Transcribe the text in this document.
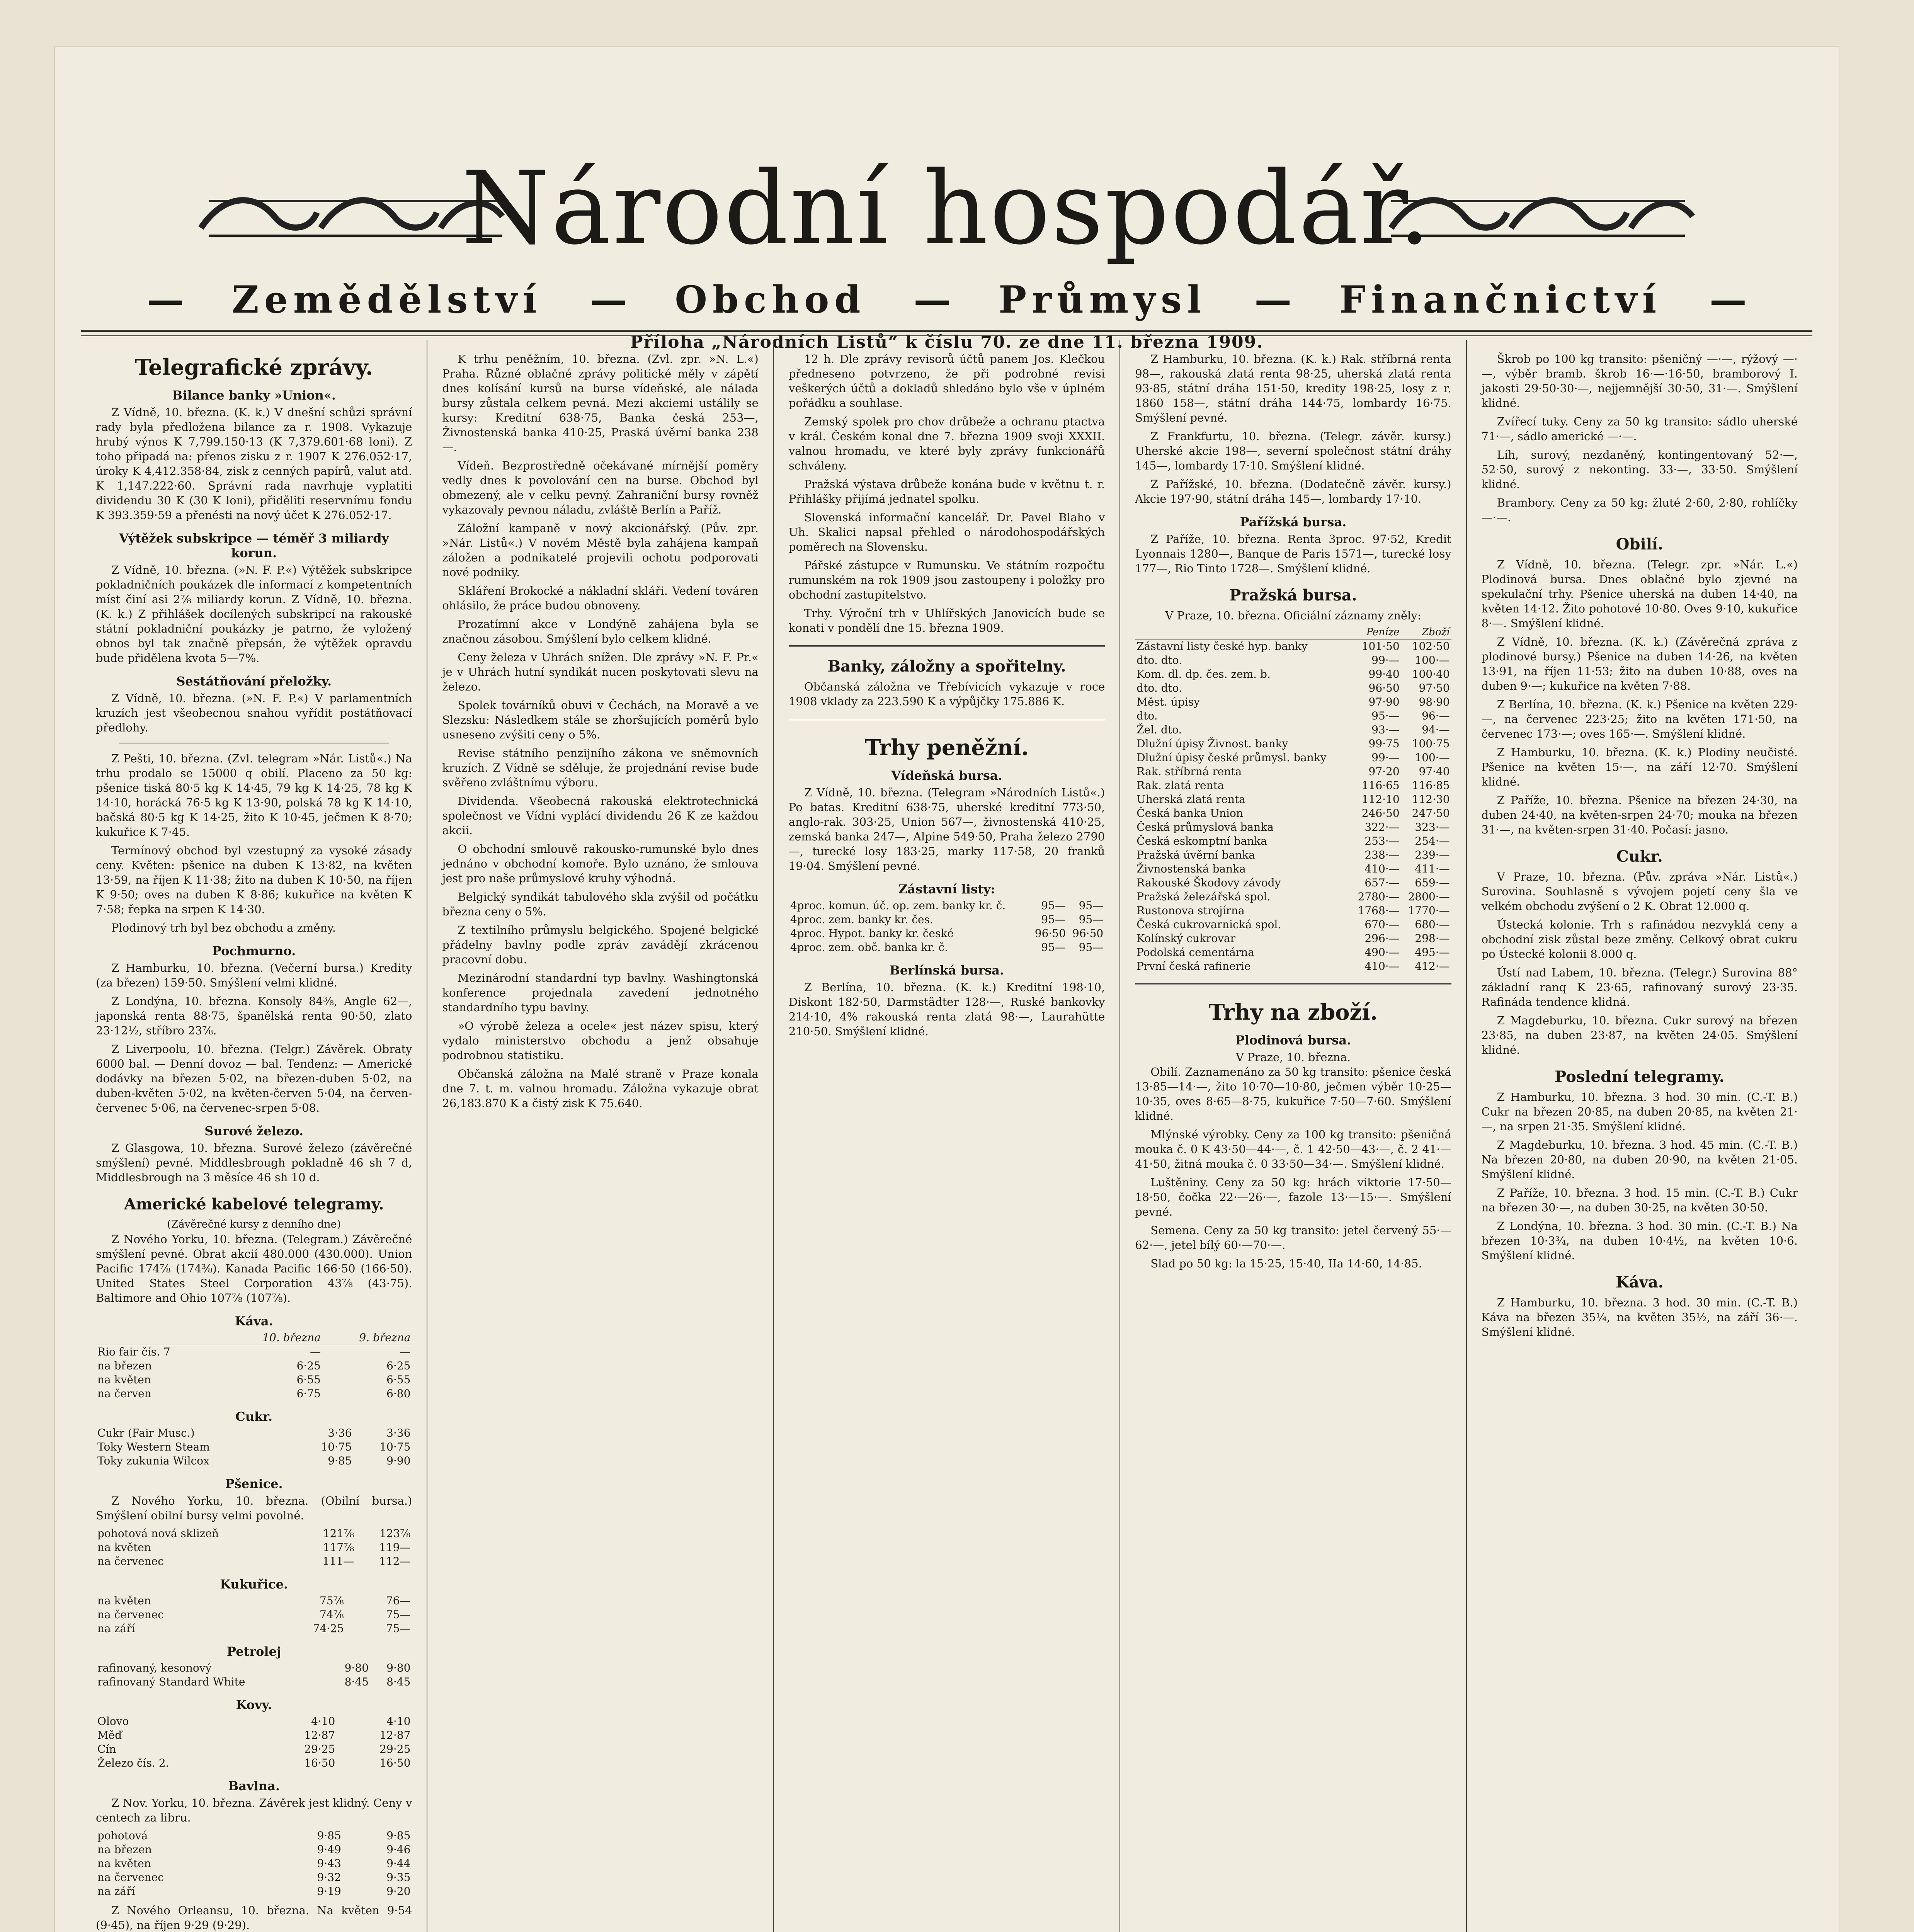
Národní hospodář.
— Zemědělství — Obchod — Průmysl — Finančnictví —
Příloha „Národních Listů“ k číslu 70. ze dne 11. března 1909.
Telegrafické zprávy.
Bilance banky »Union«.

Z Vídně, 10. března. (K. k.) V dnešní schůzi správní rady byla předložena bilance za r. 1908. Vykazuje hrubý výnos K 7,799.150·13 (K 7,379.601·68 loni). Z toho připadá na: přenos zisku z r. 1907 K 276.052·17, úroky K 4,412.358·84, zisk z cenných papírů, valut atd. K 1,147.222·60. Správní rada navrhuje vyplatiti dividendu 30 K (30 K loni), přiděliti reservnímu fondu K 393.359·59 a přenésti na nový účet K 276.052·17.

Výtěžek subskripce — téměř 3 miliardy korun.

Z Vídně, 10. března. (»N. F. P.«) Výtěžek subskripce pokladničních poukázek dle informací z kompetentních míst činí asi 2⅞ miliardy korun. Z Vídně, 10. března. (K. k.) Z přihlášek docílených subskripcí na rakouské státní pokladniční poukázky je patrno, že vyložený obnos byl tak značně přepsán, že výtěžek opravdu bude přidělena kvota 5—7%.

Sestátňování přeložky.

Z Vídně, 10. března. (»N. F. P.«) V parlamentních kruzích jest všeobecnou snahou vyřídit postátňovací předlohy.

Z Pešti, 10. března. (Zvl. telegram »Nár. Listů«.) Na trhu prodalo se 15000 q obilí. Placeno za 50 kg: pšenice tiská 80·5 kg K 14·45, 79 kg K 14·25, 78 kg K 14·10, horácká 76·5 kg K 13·90, polská 78 kg K 14·10, bačská 80·5 kg K 14·25, žito K 10·45, ječmen K 8·70; kukuřice K 7·45.

Termínový obchod byl vzestupný za vysoké zásady ceny. Květen: pšenice na duben K 13·82, na květen 13·59, na říjen K 11·38; žito na duben K 10·50, na říjen K 9·50; oves na duben K 8·86; kukuřice na květen K 7·58; řepka na srpen K 14·30.

Plodinový trh byl bez obchodu a změny.

Pochmurno.

Z Hamburku, 10. března. (Večerní bursa.) Kredity (za březen) 159·50. Smýšlení velmi klidné.

Z Londýna, 10. března. Konsoly 84⅜, Angle 62—, japonská renta 88·75, španělská renta 90·50, zlato 23·12½, stříbro 23⅞.

Z Liverpoolu, 10. března. (Telgr.) Závěrek. Obraty 6000 bal. — Denní dovoz — bal. Tendenz: — Americké dodávky na březen 5·02, na březen-duben 5·02, na duben-květen 5·02, na květen-červen 5·04, na červen-červenec 5·06, na červenec-srpen 5·08.

Surové železo.

Z Glasgowa, 10. března. Surové železo (závěrečné smýšlení) pevné. Middlesbrough pokladně 46 sh 7 d, Middlesbrough na 3 měsíce 46 sh 10 d.

Americké kabelové telegramy.
(Závěrečné kursy z denního dne)

Z Nového Yorku, 10. března. (Telegram.) Závěrečné smýšlení pevné. Obrat akcií 480.000 (430.000). Union Pacific 174⅞ (174⅜). Kanada Pacific 166·50 (166·50). United States Steel Corporation 43⅞ (43·75). Baltimore and Ohio 107⅞ (107⅞).

Káva.
	10. března	9. března
Rio fair čís. 7	—	—
na březen	6·25	6·25
na květen	6·55	6·55
na červen	6·75	6·80
Cukr.
Cukr (Fair Musc.)	3·36	3·36
Toky Western Steam	10·75	10·75
Toky zukunia Wilcox	9·85	9·90
Pšenice.

Z Nového Yorku, 10. března. (Obilní bursa.) Smýšlení obilní bursy velmi povolné.

pohotová nová sklizeň	121⅞	123⅞
na květen	117⅞	119—
na červenec	111—	112—
Kukuřice.
na květen	75⅞	76—
na červenec	74⅞	75—
na září	74·25	75—
Petrolej
rafinovaný, kesonový	9·80	9·80
rafinovaný Standard White	8·45	8·45
Kovy.
Olovo	4·10	4·10
Měď	12·87	12·87
Cín	29·25	29·25
Železo čís. 2.	16·50	16·50
Bavlna.

Z Nov. Yorku, 10. března. Závěrek jest klidný. Ceny v centech za libru.

pohotová	9·85	9·85
na březen	9·49	9·46
na květen	9·43	9·44
na červenec	9·32	9·35
na září	9·19	9·20

Z Nového Orleansu, 10. března. Na květen 9·54 (9·45), na říjen 9·29 (9·29).

K trhu peněžním, 10. března. (Zvl. zpr. »N. L.«) Praha. Různé oblačné zprávy politické měly v zápětí dnes kolísání kursů na burse vídeňské, ale nálada bursy zůstala celkem pevná. Mezi akciemi ustálily se kursy: Kreditní 638·75, Banka česká 253—, Živnostenská banka 410·25, Praská úvěrní banka 238—.

Vídeň. Bezprostředně očekávané mírnější poměry vedly dnes k povolování cen na burse. Obchod byl obmezený, ale v celku pevný. Zahraniční bursy rovněž vykazovaly pevnou náladu, zvláště Berlín a Paříž.

Záložní kampaně v nový akcionářský. (Pův. zpr. »Nár. Listů«.) V novém Městě byla zahájena kampaň záložen a podnikatelé projevili ochotu podporovati nové podniky.

Skláření Brokocké a nákladní skláři. Vedení továren ohlásilo, že práce budou obnoveny.

Prozatímní akce v Londýně zahájena byla se značnou zásobou. Smýšlení bylo celkem klidné.

Ceny železa v Uhrách snížen. Dle zprávy »N. F. Pr.« je v Uhrách hutní syndikát nucen poskytovati slevu na železo.

Spolek továrníků obuvi v Čechách, na Moravě a ve Slezsku: Následkem stále se zhoršujících poměrů bylo usneseno zvýšiti ceny o 5%.

Revise státního penzijního zákona ve sněmovních kruzích. Z Vídně se sděluje, že projednání revise bude svěřeno zvláštnímu výboru.

Dividenda. Všeobecná rakouská elektrotechnická společnost ve Vídni vyplácí dividendu 26 K ze každou akcii.

O obchodní smlouvě rakousko-rumunské bylo dnes jednáno v obchodní komoře. Bylo uznáno, že smlouva jest pro naše průmyslové kruhy výhodná.

Belgický syndikát tabulového skla zvýšil od počátku března ceny o 5%.

Z textilního průmyslu belgického. Spojené belgické přádelny bavlny podle zpráv zavádějí zkrácenou pracovní dobu.

Mezinárodní standardní typ bavlny. Washingtonská konference projednala zavedení jednotného standardního typu bavlny.

»O výrobě železa a ocele« jest název spisu, který vydalo ministerstvo obchodu a jenž obsahuje podrobnou statistiku.

Občanská záložna na Malé straně v Praze konala dne 7. t. m. valnou hromadu. Záložna vykazuje obrat 26,183.870 K a čistý zisk K 75.640.

12 h. Dle zprávy revisorů účtů panem Jos. Klečkou předneseno potvrzeno, že při podrobné revisi veškerých účtů a dokladů shledáno bylo vše v úplném pořádku a souhlase.

Zemský spolek pro chov drůbeže a ochranu ptactva v král. Českém konal dne 7. března 1909 svoji XXXII. valnou hromadu, ve které byly zprávy funkcionářů schváleny.

Pražská výstava drůbeže konána bude v květnu t. r. Přihlášky přijímá jednatel spolku.

Slovenská informační kancelář. Dr. Pavel Blaho v Uh. Skalici napsal přehled o národohospodářských poměrech na Slovensku.

Pářské zástupce v Rumunsku. Ve státním rozpočtu rumunském na rok 1909 jsou zastoupeny i položky pro obchodní zastupitelstvo.

Trhy. Výroční trh v Uhlířských Janovicích bude se konati v pondělí dne 15. března 1909.

Banky, záložny a spořitelny.

Občanská záložna ve Třebívicích vykazuje v roce 1908 vklady za 223.590 K a výpůjčky 175.886 K.

Trhy peněžní.
Vídeňská bursa.

Z Vídně, 10. března. (Telegram »Národních Listů«.) Po batas. Kreditní 638·75, uherské kreditní 773·50, anglo-rak. 303·25, Union 567—, živnostenská 410·25, zemská banka 247—, Alpine 549·50, Praha železo 2790—, turecké losy 183·25, marky 117·58, 20 franků 19·04. Smýšlení pevné.

Zástavní listy:
4proc. komun. úč. op. zem. banky kr. č.	95—	95—
4proc. zem. banky kr. čes.	95—	95—
4proc. Hypot. banky kr. české	96·50	96·50
4proc. zem. obč. banka kr. č.	95—	95—
Berlínská bursa.

Z Berlína, 10. března. (K. k.) Kreditní 198·10, Diskont 182·50, Darmstädter 128·—, Ruské bankovky 214·10, 4% rakouská renta zlatá 98·—, Laurahütte 210·50. Smýšlení klidné.

Z Hamburku, 10. března. (K. k.) Rak. stříbrná renta 98—, rakouská zlatá renta 98·25, uherská zlatá renta 93·85, státní dráha 151·50, kredity 198·25, losy z r. 1860 158—, státní dráha 144·75, lombardy 16·75. Smýšlení pevné.

Z Frankfurtu, 10. března. (Telegr. závěr. kursy.) Uherské akcie 198—, severní společnost státní dráhy 145—, lombardy 17·10. Smýšlení klidné.

Z Pařížské, 10. března. (Dodatečně závěr. kursy.) Akcie 197·90, státní dráha 145—, lombardy 17·10.

Pařížská bursa.

Z Paříže, 10. března. Renta 3proc. 97·52, Kredit Lyonnais 1280—, Banque de Paris 1571—, turecké losy 177—, Rio Tinto 1728—. Smýšlení klidné.

Pražská bursa.
V Praze, 10. března. Oficiální záznamy zněly:
	Peníze	Zboží
Zástavní listy české hyp. banky	101·50	102·50
dto. dto.	99·—	100·—
Kom. dl. dp. čes. zem. b.	99·40	100·40
dto. dto.	96·50	97·50
Měst. úpisy	97·90	98·90
dto.	95·—	96·—
Žel. dto.	93·—	94·—
Dlužní úpisy Živnost. banky	99·75	100·75
Dlužní úpisy české průmysl. banky	99·—	100·—
Rak. stříbrná renta	97·20	97·40
Rak. zlatá renta	116·65	116·85
Uherská zlatá renta	112·10	112·30
Česká banka Union	246·50	247·50
Česká průmyslová banka	322·—	323·—
Česká eskomptní banka	253·—	254·—
Pražská úvěrní banka	238·—	239·—
Živnostenská banka	410·—	411·—
Rakouské Škodovy závody	657·—	659·—
Pražská železářská spol.	2780·—	2800·—
Rustonova strojírna	1768·—	1770·—
Česká cukrovarnická spol.	670·—	680·—
Kolínský cukrovar	296·—	298·—
Podolská cementárna	490·—	495·—
První česká rafinerie	410·—	412·—
Trhy na zboží.
Plodinová bursa.
V Praze, 10. března.

Obilí. Zaznamenáno za 50 kg transito: pšenice česká 13·85—14·—, žito 10·70—10·80, ječmen výběr 10·25—10·35, oves 8·65—8·75, kukuřice 7·50—7·60. Smýšlení klidné.

Mlýnské výrobky. Ceny za 100 kg transito: pšeničná mouka č. 0 K 43·50—44·—, č. 1 42·50—43·—, č. 2 41·—41·50, žitná mouka č. 0 33·50—34·—. Smýšlení klidné.

Luštěniny. Ceny za 50 kg: hrách viktorie 17·50—18·50, čočka 22·—26·—, fazole 13·—15·—. Smýšlení pevné.

Semena. Ceny za 50 kg transito: jetel červený 55·—62·—, jetel bílý 60·—70·—.

Slad po 50 kg: la 15·25, 15·40, IIa 14·60, 14·85.

Škrob po 100 kg transito: pšeničný —·—, rýžový —·—, výběr bramb. škrob 16·—·16·50, bramborový I. jakosti 29·50·30·—, nejjemnější 30·50, 31·—. Smýšlení klidné.

Zvířecí tuky. Ceny za 50 kg transito: sádlo uherské 71·—, sádlo americké —·—.

Líh, surový, nezdaněný, kontingentovaný 52·—, 52·50, surový z nekonting. 33·—, 33·50. Smýšlení klidné.

Brambory. Ceny za 50 kg: žluté 2·60, 2·80, rohlíčky —·—.

Obilí.

Z Vídně, 10. března. (Telegr. zpr. »Nár. L.«) Plodinová bursa. Dnes oblačné bylo zjevné na spekulační trhy. Pšenice uherská na duben 14·40, na květen 14·12. Žito pohotové 10·80. Oves 9·10, kukuřice 8·—. Smýšlení klidné.

Z Vídně, 10. března. (K. k.) (Závěrečná zpráva z plodinové bursy.) Pšenice na duben 14·26, na květen 13·91, na říjen 11·53; žito na duben 10·88, oves na duben 9·—; kukuřice na květen 7·88.

Z Berlína, 10. března. (K. k.) Pšenice na květen 229·—, na červenec 223·25; žito na květen 171·50, na červenec 173·—; oves 165·—. Smýšlení klidné.

Z Hamburku, 10. března. (K. k.) Plodiny neučisté. Pšenice na květen 15·—, na září 12·70. Smýšlení klidné.

Z Paříže, 10. března. Pšenice na březen 24·30, na duben 24·40, na květen-srpen 24·70; mouka na březen 31·—, na květen-srpen 31·40. Počasí: jasno.

Cukr.

V Praze, 10. března. (Pův. zpráva »Nár. Listů«.) Surovina. Souhlasně s vývojem pojetí ceny šla ve velkém obchodu zvýšení o 2 K. Obrat 12.000 q.

Ústecká kolonie. Trh s rafinádou nezvyklá ceny a obchodní zisk zůstal beze změny. Celkový obrat cukru po Ústecké kolonii 8.000 q.

Ústí nad Labem, 10. března. (Telegr.) Surovina 88° základní ranq K 23·65, rafinovaný surový 23·35. Rafináda tendence klidná.

Z Magdeburku, 10. března. Cukr surový na březen 23·85, na duben 23·87, na květen 24·05. Smýšlení klidné.

Poslední telegramy.

Z Hamburku, 10. března. 3 hod. 30 min. (C.-T. B.) Cukr na březen 20·85, na duben 20·85, na květen 21·—, na srpen 21·35. Smýšlení klidné.

Z Magdeburku, 10. března. 3 hod. 45 min. (C.-T. B.) Na březen 20·80, na duben 20·90, na květen 21·05. Smýšlení klidné.

Z Paříže, 10. března. 3 hod. 15 min. (C.-T. B.) Cukr na březen 30·—, na duben 30·25, na květen 30·50.

Z Londýna, 10. března. 3 hod. 30 min. (C.-T. B.) Na březen 10·3¾, na duben 10·4½, na květen 10·6. Smýšlení klidné.

Káva.

Z Hamburku, 10. března. 3 hod. 30 min. (C.-T. B.) Káva na březen 35¼, na květen 35½, na září 36·—. Smýšlení klidné.
